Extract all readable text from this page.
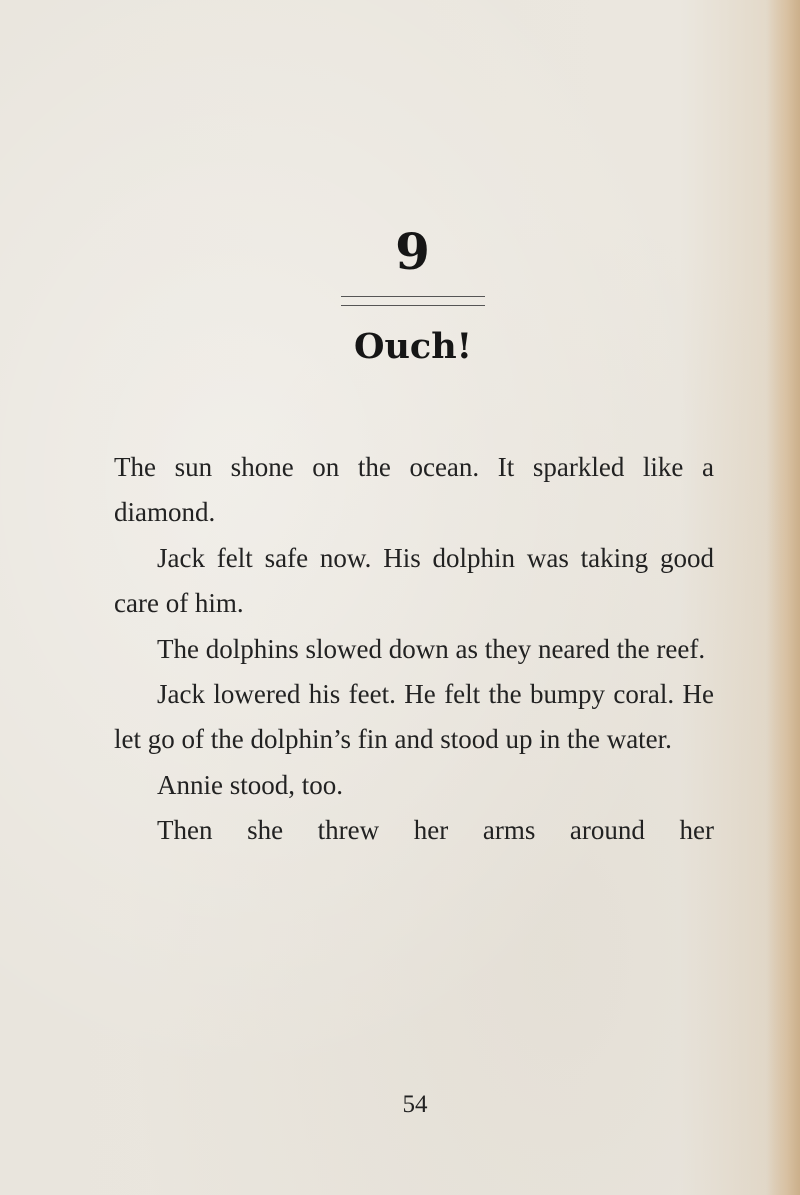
9
Ouch!

The sun shone on the ocean. It sparkled like a diamond.

Jack felt safe now. His dolphin was taking good care of him.

The dolphins slowed down as they neared the reef.

Jack lowered his feet. He felt the bumpy coral. He let go of the dolphin’s fin and stood up in the water.

Annie stood, too.

Then she threw her arms around her

54
